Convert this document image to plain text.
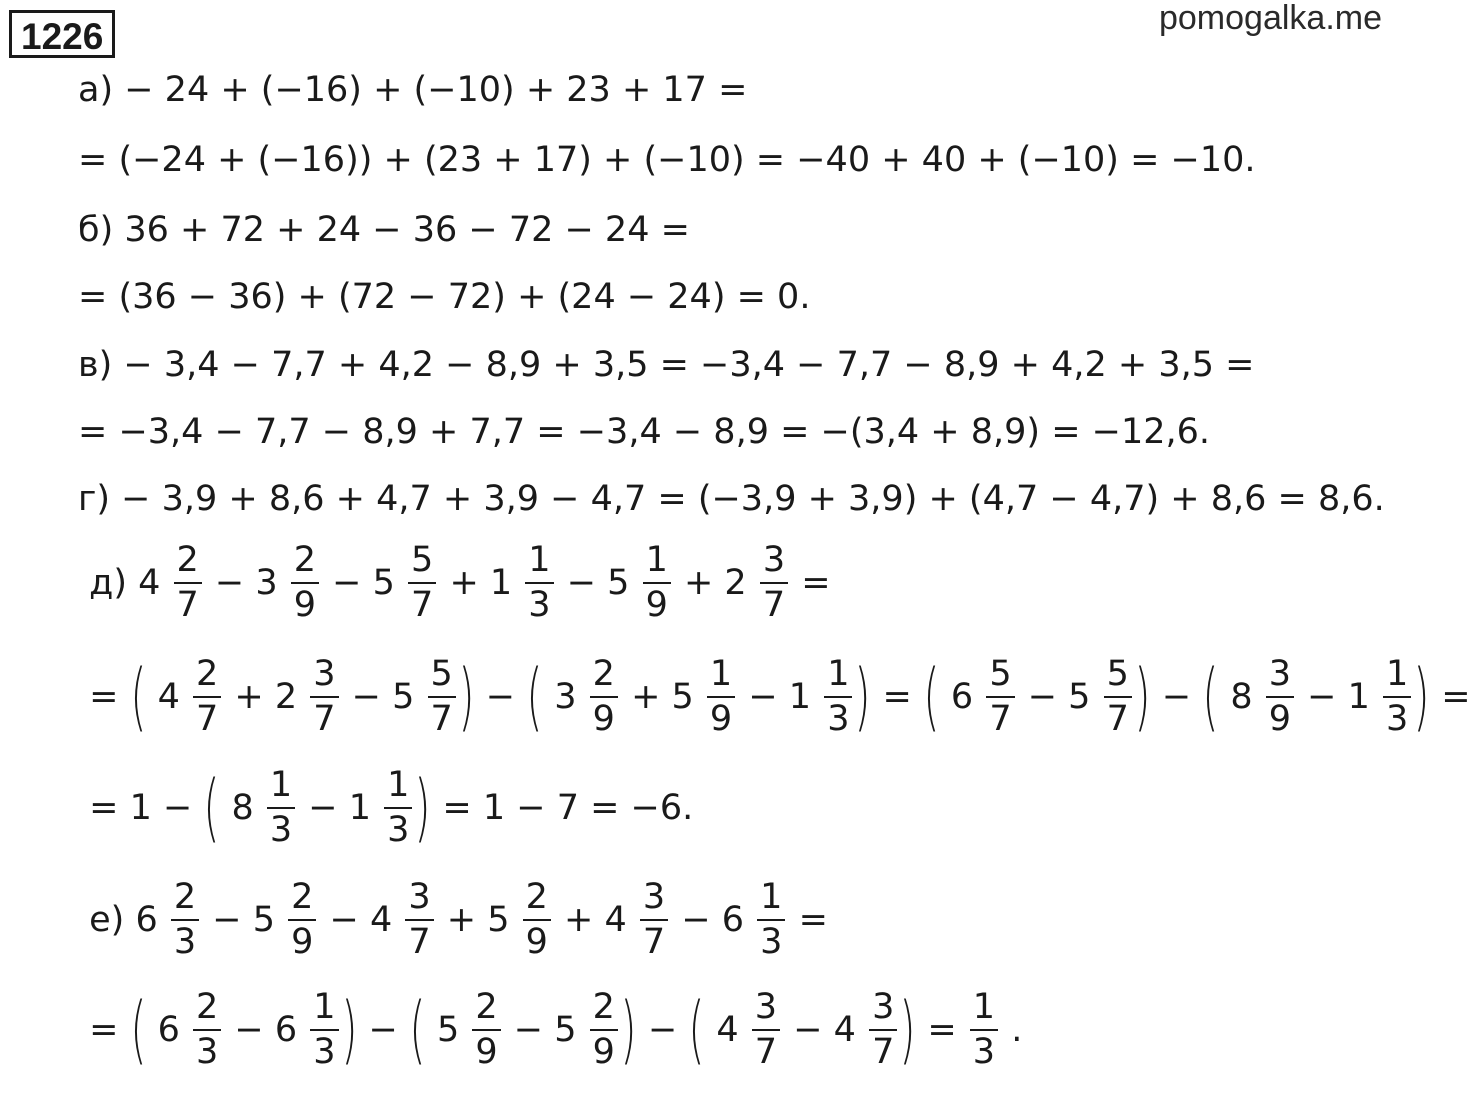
1226	pomogalka.me
а) − 24 + (−16) + (−10) + 23 + 17 =
= (−24 + (−16)) + (23 + 17) + (−10) = −40 + 40 + (−10) = −10.
б) 36 + 72 + 24 − 36 − 72 − 24 =
= (36 − 36) + (72 − 72) + (24 − 24) = 0.
в) − 3,4 − 7,7 + 4,2 − 8,9 + 3,5 = −3,4 − 7,7 − 8,9 + 4,2 + 3,5 =
= −3,4 − 7,7 − 8,9 + 7,7 = −3,4 − 8,9 = −(3,4 + 8,9) = −12,6.
г) − 3,9 + 8,6 + 4,7 + 3,9 − 4,7 = (−3,9 + 3,9) + (4,7 − 4,7) + 8,6 = 8,6.
д) $4 \frac{2}{7} - 3 \frac{2}{9} - 5 \frac{5}{7} + 1 \frac{1}{3} - 5 \frac{1}{9} + 2 \frac{3}{7}$ =
= ( $4 \frac{2}{7} + 2 \frac{3}{7} - 5 \frac{5}{7}$ ) − ( $3 \frac{2}{9} + 5 \frac{1}{9} - 1 \frac{1}{3}$ ) = ( $6 \frac{5}{7} - 5 \frac{5}{7}$ ) − ( $8 \frac{3}{9} - 1 \frac{1}{3}$ ) =
= 1 − ( $8 \frac{1}{3} - 1 \frac{1}{3}$ ) = 1 − 7 = −6.
е) $6 \frac{2}{3} - 5 \frac{2}{9} - 4 \frac{3}{7} + 5 \frac{2}{9} + 4 \frac{3}{7} - 6 \frac{1}{3}$ =
= ( $6 \frac{2}{3} - 6 \frac{1}{3}$ ) − ( $5 \frac{2}{9} - 5 \frac{2}{9}$ ) − ( $4 \frac{3}{7} - 4 \frac{3}{7}$ ) = $\frac{1}{3}$ .
